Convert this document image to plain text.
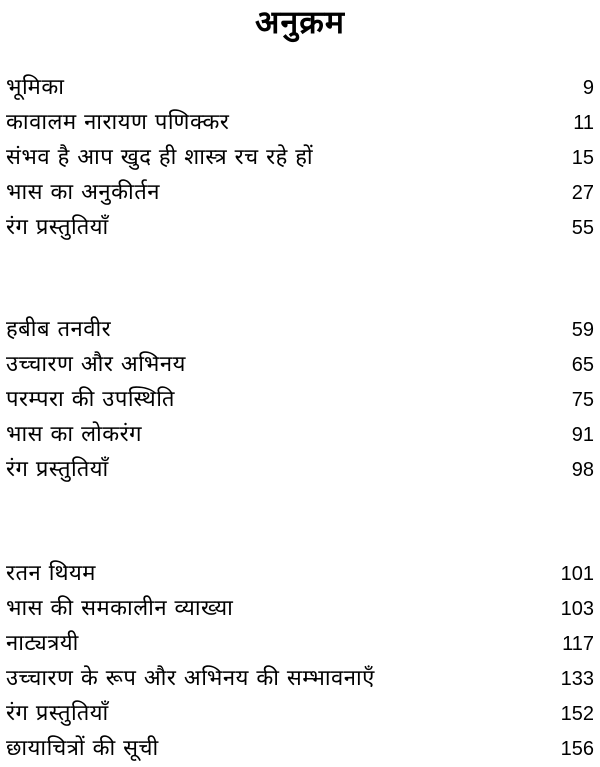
अनुक्रम
भूमिका	9
कावालम नारायण पणिक्कर	11
संभव है आप खुद ही शास्त्र रच रहे हों	15
भास का अनुकीर्तन	27
रंग प्रस्तुतियाँ	55
हबीब तनवीर	59
उच्चारण और अभिनय	65
परम्परा की उपस्थिति	75
भास का लोकरंग	91
रंग प्रस्तुतियाँ	98
रतन थियम	101
भास की समकालीन व्याख्या	103
नाट्यत्रयी	117
उच्चारण के रूप और अभिनय की सम्भावनाएँ	133
रंग प्रस्तुतियाँ	152
छायाचित्रों की सूची	156
